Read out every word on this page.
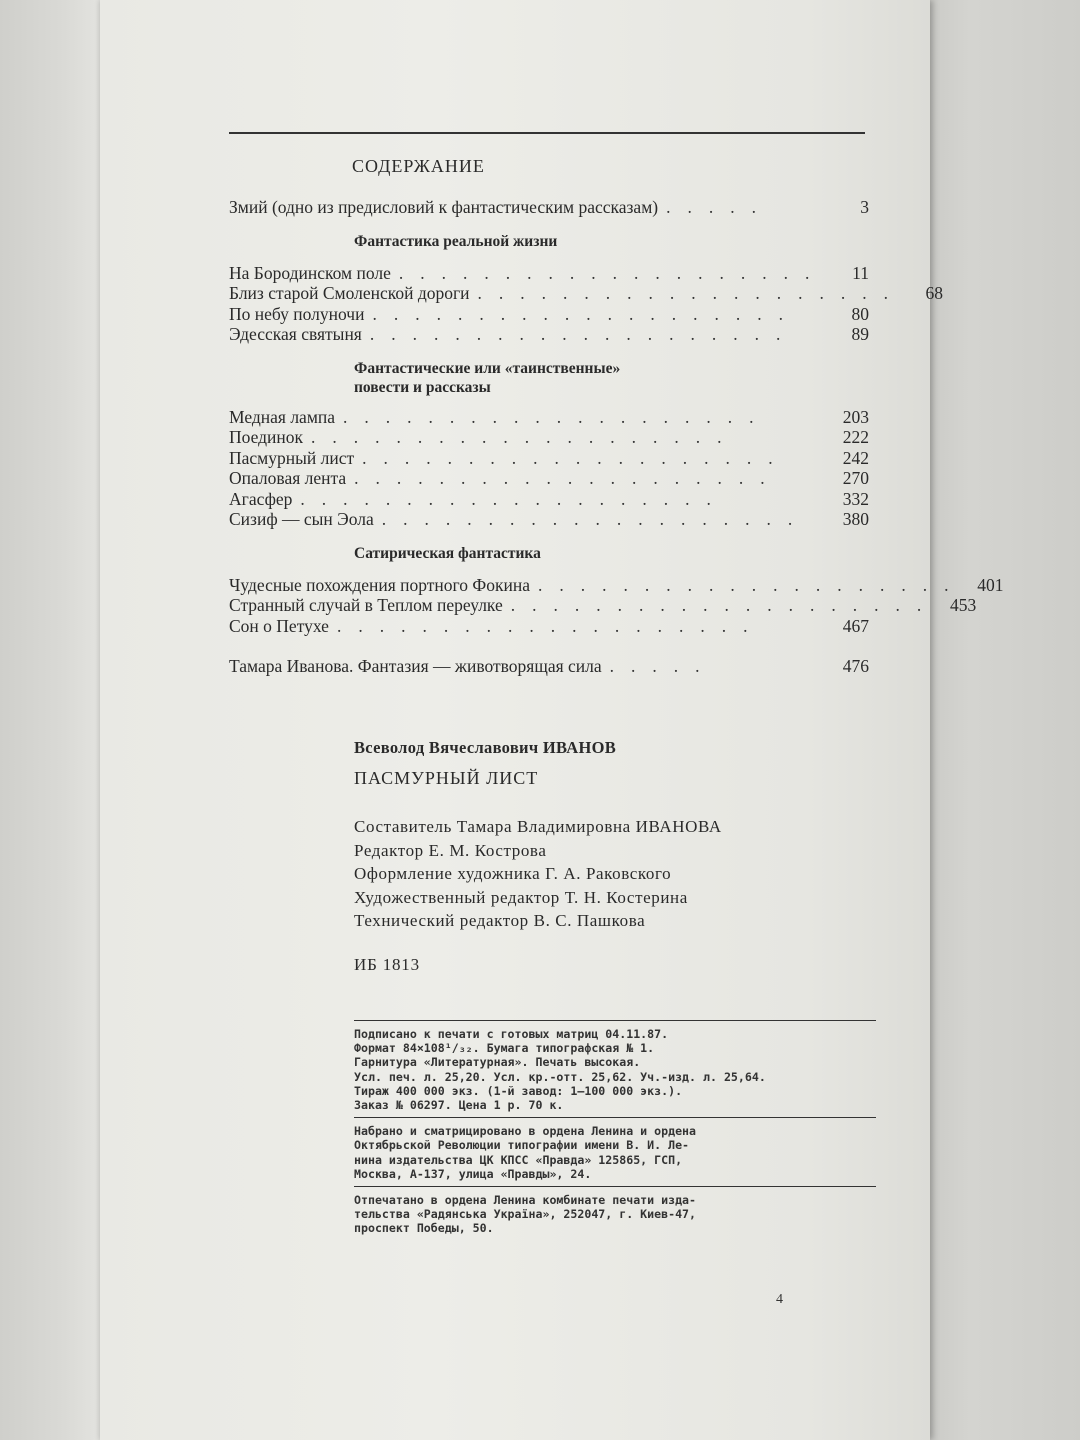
СОДЕРЖАНИЕ
Змий (одно из предисловий к фантастическим рассказам) .....	3
Фантастика реальной жизни
На Бородинском поле ....................	11
Близ старой Смоленской дороги ....................	68
По небу полуночи ....................	80
Эдесская святыня ....................	89
Фантастические или «таинственные»
повести и рассказы
Медная лампа ....................	203
Поединок ....................	222
Пасмурный лист ....................	242
Опаловая лента ....................	270
Агасфер ....................	332
Сизиф — сын Эола ....................	380
Сатирическая фантастика
Чудесные похождения портного Фокина .................... 401
Странный случай в Теплом переулке .................... 453
Сон о Петухе ....................	467
Тамара Иванова. Фантазия — животворящая сила .....	476
Всеволод Вячеславович ИВАНОВ
ПАСМУРНЫЙ ЛИСТ
Составитель Тамара Владимировна ИВАНОВА
Редактор Е. М. Кострова
Оформление художника Г. А. Раковского
Художественный редактор Т. Н. Костерина
Технический редактор В. С. Пашкова
ИБ 1813
Подписано к печати с готовых матриц 04.11.87.
Формат 84×108¹/₃₂. Бумага типографская № 1.
Гарнитура «Литературная». Печать высокая.
Усл. печ. л. 25,20. Усл. кр.-отт. 25,62. Уч.-изд. л. 25,64.
Тираж 400 000 экз. (1-й завод: 1—100 000 экз.).
Заказ № 06297. Цена 1 р. 70 к.
Набрано и сматрицировано в ордена Ленина и ордена
Октябрьской Революции типографии имени В. И. Ле-
нина издательства ЦК КПСС «Правда» 125865, ГСП,
Москва, А-137, улица «Правды», 24.
Отпечатано в ордена Ленина комбинате печати изда-
тельства «Радянська Україна», 252047, г. Киев-47,
проспект Победы, 50.
4
